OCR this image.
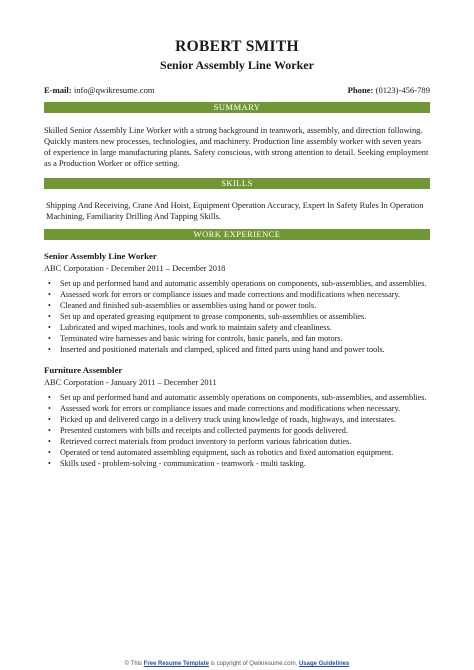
ROBERT SMITH
Senior Assembly Line Worker
E-mail: info@qwikresume.com	Phone: (0123)-456-789
SUMMARY
Skilled Senior Assembly Line Worker with a strong background in teamwork, assembly, and direction following. Quickly masters new processes, technologies, and machinery. Production line assembly worker with seven years of experience in large manufacturing plants. Safety conscious, with strong attention to detail. Seeking employment as a Production Worker or office setting.
SKILLS
Shipping And Receiving, Crane And Hoist, Equipment Operation Accuracy, Expert In Safety Rules In Operation Machining, Familiarity Drilling And Tapping Skills.
WORK EXPERIENCE
Senior Assembly Line Worker
ABC Corporation - December 2011 – December 2018
• Set up and performed hand and automatic assembly operations on components, sub-assemblies, and assemblies.
• Assessed work for errors or compliance issues and made corrections and modifications when necessary.
• Cleaned and finished sub-assemblies or assemblies using hand or power tools.
• Set up and operated greasing equipment to grease components, sub-assemblies or assemblies.
• Lubricated and wiped machines, tools and work to maintain safety and cleanliness.
• Terminated wire harnesses and basic wiring for controls, basic panels, and fan motors.
• Inserted and positioned materials and clamped, spliced and fitted parts using hand and power tools.
Furniture Assembler
ABC Corporation - January 2011 – December 2011
• Set up and performed hand and automatic assembly operations on components, sub-assemblies, and assemblies.
• Assessed work for errors or compliance issues and made corrections and modifications when necessary.
• Picked up and delivered cargo in a delivery truck using knowledge of roads, highways, and interstates.
• Presented customers with bills and receipts and collected payments for goods delivered.
• Retrieved correct materials from product inventory to perform various fabrication duties.
• Operated or tend automated assembling equipment, such as robotics and fixed automation equipment.
• Skills used - problem-solving - communication - teamwork - multi tasking.
© This Free Resume Template is copyright of Qwikresume.com. Usage Guidelines
